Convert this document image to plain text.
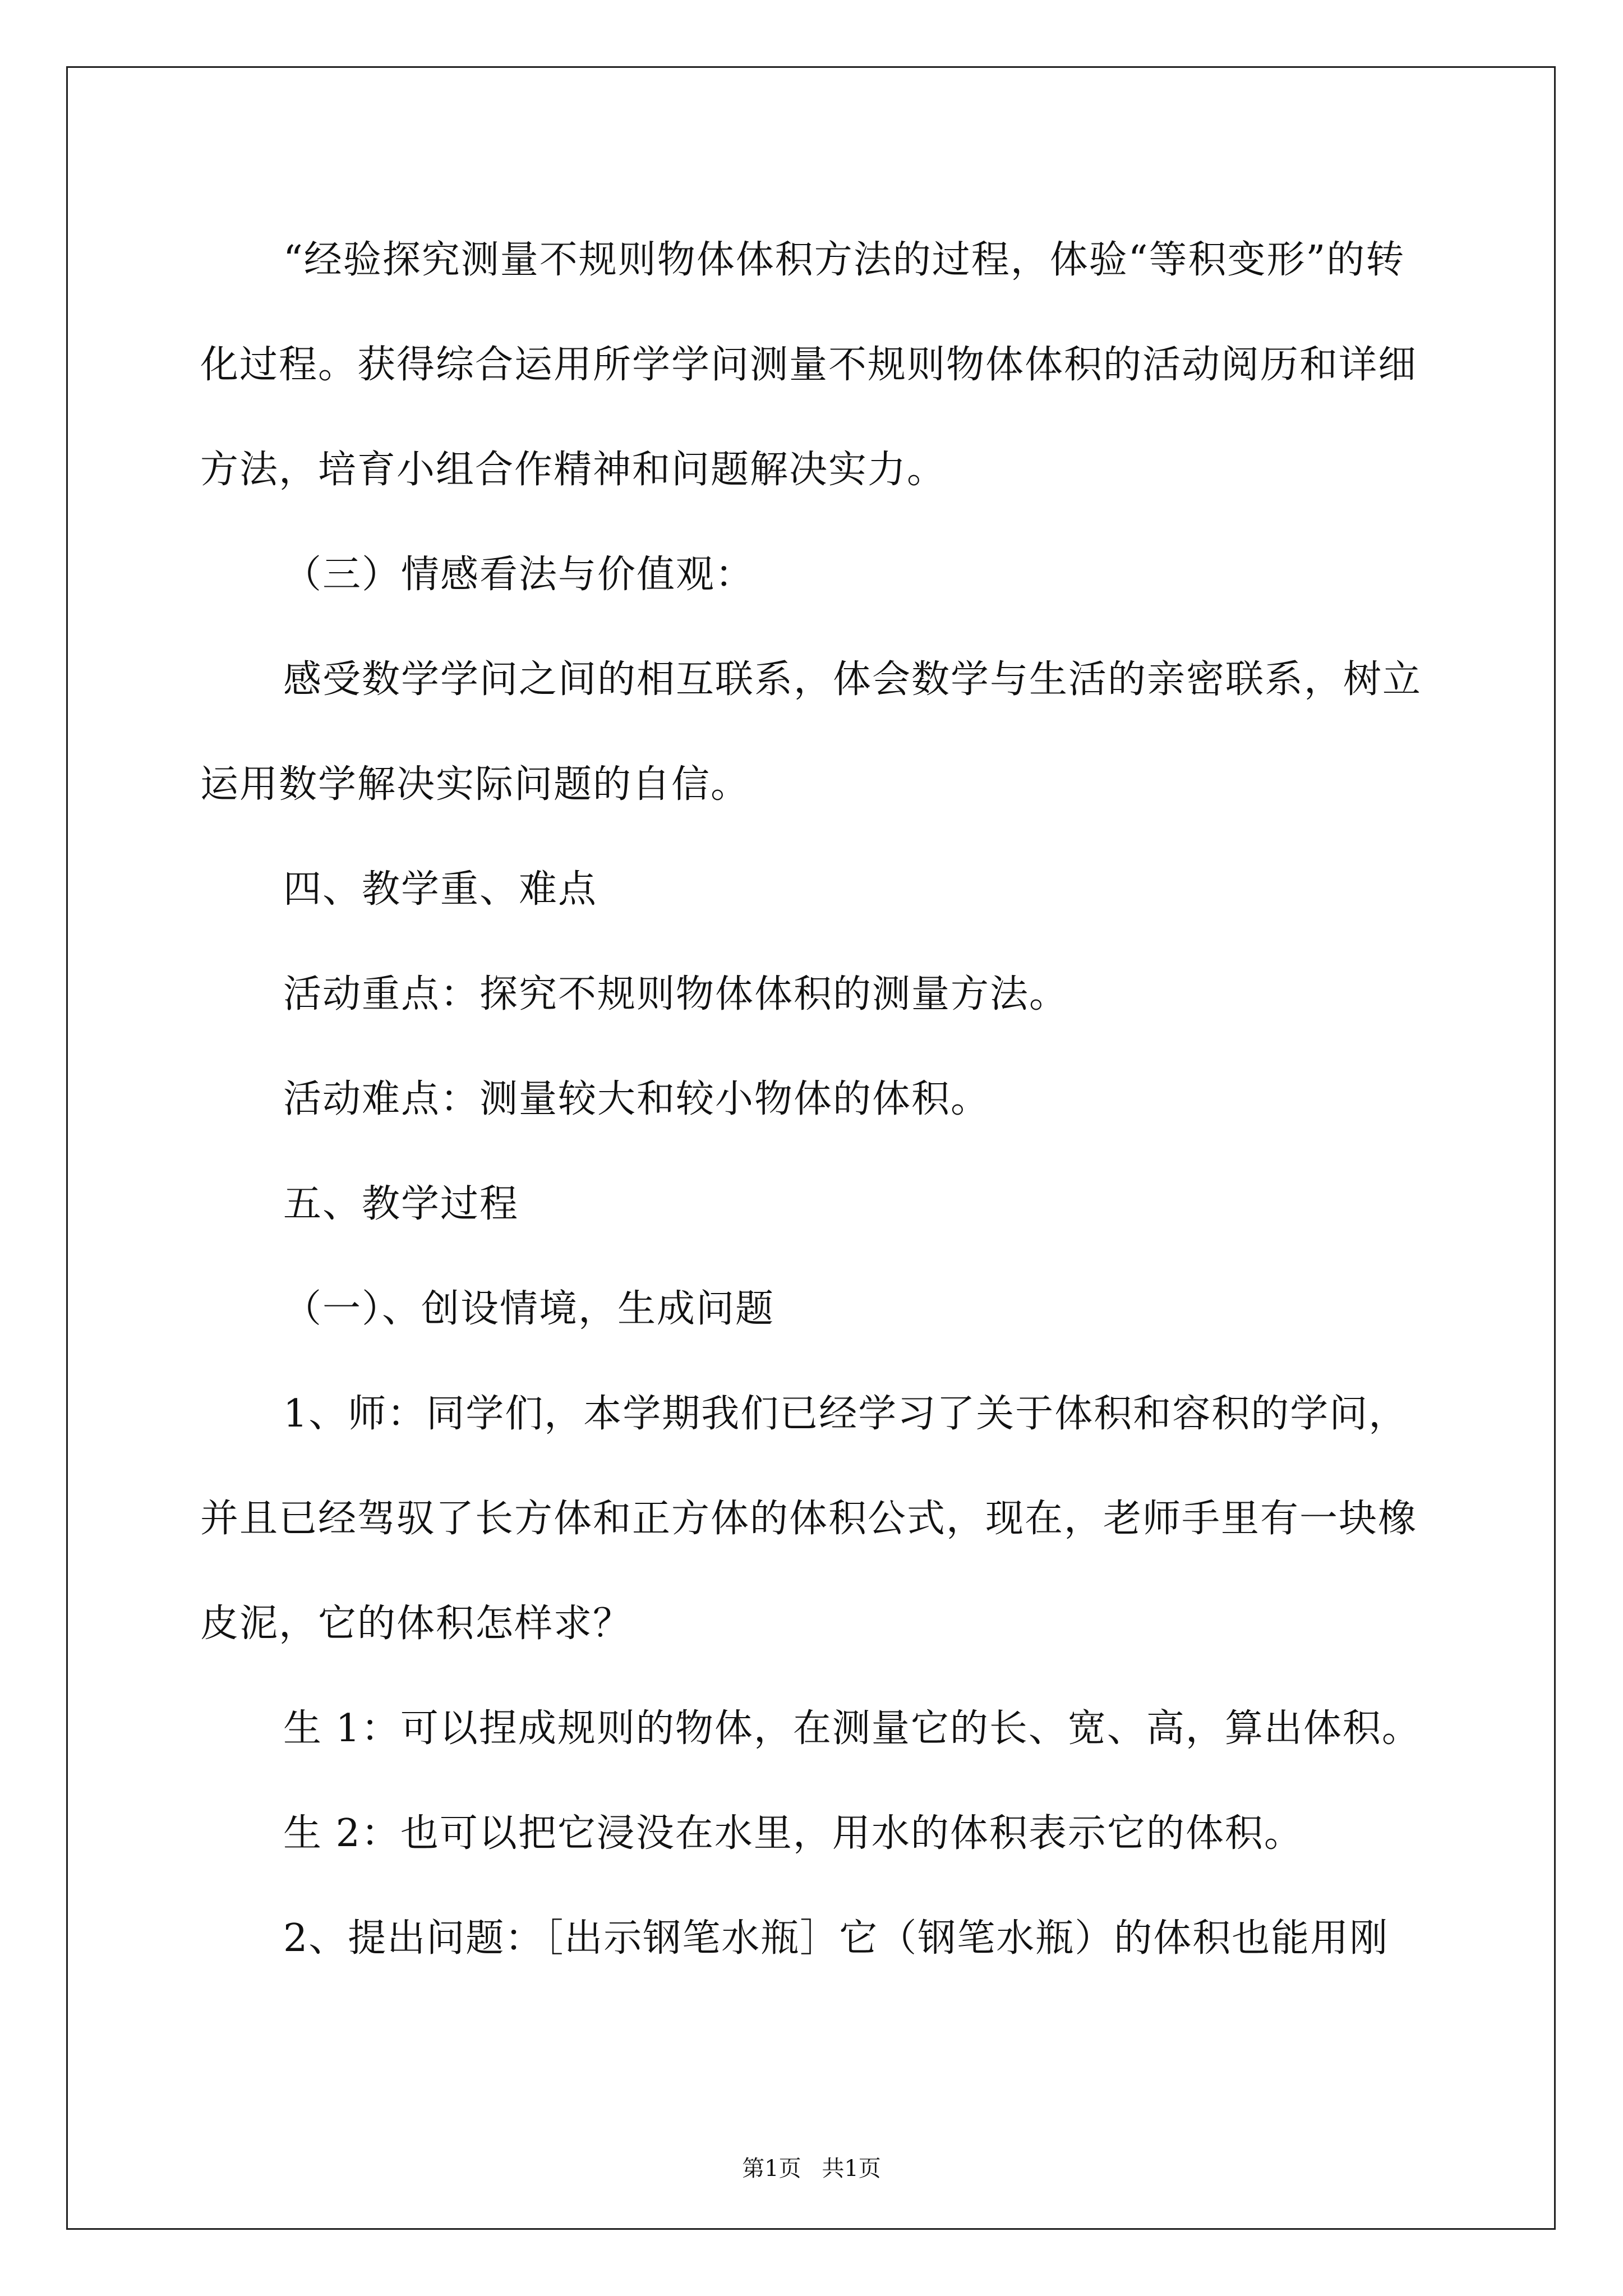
“经验探究测量不规则物体体积方法的过程，体验“等积变形”的转化过程。获得综合运用所学学问测量不规则物体体积的活动阅历和详细方法，培育小组合作精神和问题解决实力。

（三）情感看法与价值观：

感受数学学问之间的相互联系，体会数学与生活的亲密联系，树立运用数学解决实际问题的自信。

四、教学重、难点

活动重点：探究不规则物体体积的测量方法。

活动难点：测量较大和较小物体的体积。

五、教学过程

（一）、创设情境，生成问题

1、师：同学们，本学期我们已经学习了关于体积和容积的学问，并且已经驾驭了长方体和正方体的体积公式，现在，老师手里有一块橡皮泥，它的体积怎样求？

生 1：可以捏成规则的物体，在测量它的长、宽、高，算出体积。

生 2：也可以把它浸没在水里，用水的体积表示它的体积。

2、提出问题：［出示钢笔水瓶］它（钢笔水瓶）的体积也能用刚

第1页 共1页
